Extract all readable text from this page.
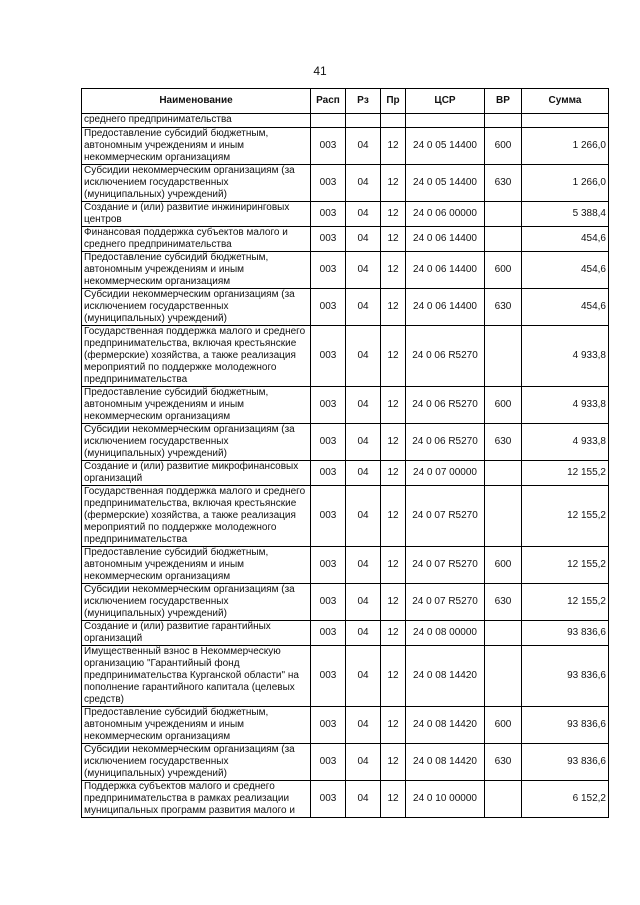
41
Наименование	Расп	Рз	Пр	ЦСР	ВР	Сумма
среднего предпринимательства						
Предоставление субсидий бюджетным, автономным учреждениям и иным некоммерческим организациям	003	04	12	24 0 05 14400	600	1 266,0
Субсидии некоммерческим организациям (за исключением государственных (муниципальных) учреждений)	003	04	12	24 0 05 14400	630	1 266,0
Создание и (или) развитие инжиниринговых центров	003	04	12	24 0 06 00000		5 388,4
Финансовая поддержка субъектов малого и среднего предпринимательства	003	04	12	24 0 06 14400		454,6
Предоставление субсидий бюджетным, автономным учреждениям и иным некоммерческим организациям	003	04	12	24 0 06 14400	600	454,6
Субсидии некоммерческим организациям (за исключением государственных (муниципальных) учреждений)	003	04	12	24 0 06 14400	630	454,6
Государственная поддержка малого и среднего предпринимательства, включая крестьянские (фермерские) хозяйства, а также реализация мероприятий по поддержке молодежного предпринимательства	003	04	12	24 0 06 R5270		4 933,8
Предоставление субсидий бюджетным, автономным учреждениям и иным некоммерческим организациям	003	04	12	24 0 06 R5270	600	4 933,8
Субсидии некоммерческим организациям (за исключением государственных (муниципальных) учреждений)	003	04	12	24 0 06 R5270	630	4 933,8
Создание и (или) развитие микрофинансовых организаций	003	04	12	24 0 07 00000		12 155,2
Государственная поддержка малого и среднего предпринимательства, включая крестьянские (фермерские) хозяйства, а также реализация мероприятий по поддержке молодежного предпринимательства	003	04	12	24 0 07 R5270		12 155,2
Предоставление субсидий бюджетным, автономным учреждениям и иным некоммерческим организациям	003	04	12	24 0 07 R5270	600	12 155,2
Субсидии некоммерческим организациям (за исключением государственных (муниципальных) учреждений)	003	04	12	24 0 07 R5270	630	12 155,2
Создание и (или) развитие гарантийных организаций	003	04	12	24 0 08 00000		93 836,6
Имущественный взнос в Некоммерческую организацию "Гарантийный фонд предпринимательства Курганской области" на пополнение гарантийного капитала (целевых средств)	003	04	12	24 0 08 14420		93 836,6
Предоставление субсидий бюджетным, автономным учреждениям и иным некоммерческим организациям	003	04	12	24 0 08 14420	600	93 836,6
Субсидии некоммерческим организациям (за исключением государственных (муниципальных) учреждений)	003	04	12	24 0 08 14420	630	93 836,6
Поддержка субъектов малого и среднего предпринимательства в рамках реализации муниципальных программ развития малого и	003	04	12	24 0 10 00000		6 152,2
